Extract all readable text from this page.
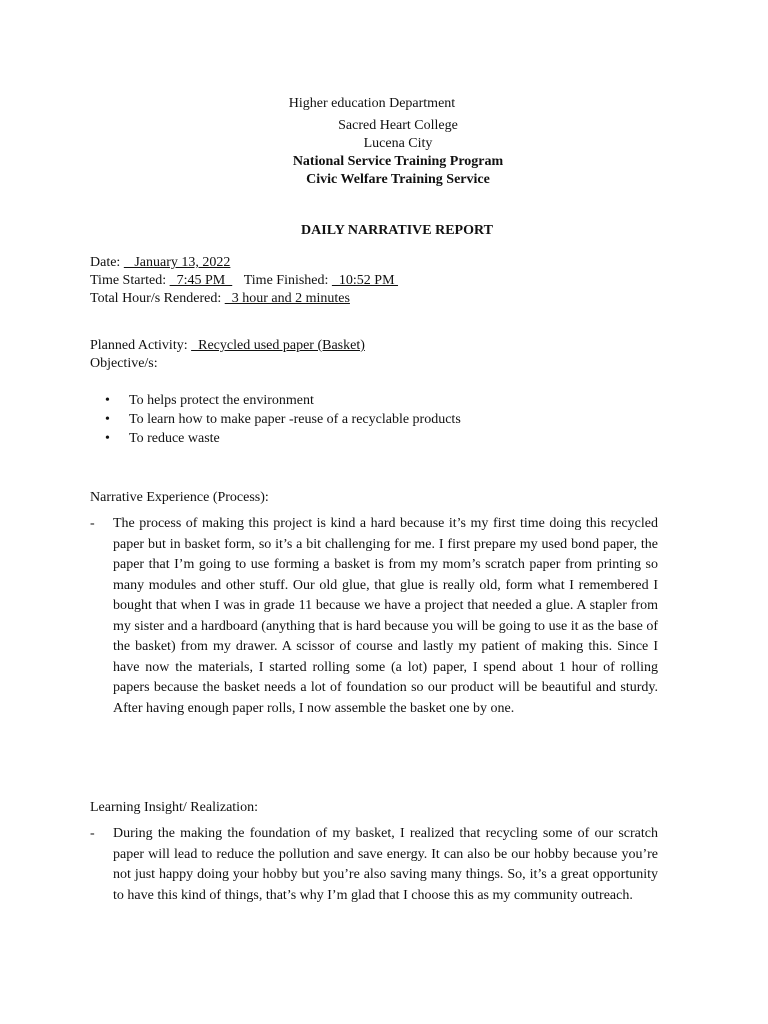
Higher education Department
Sacred Heart College
Lucena City
National Service Training Program
Civic Welfare Training Service
DAILY NARRATIVE REPORT
Date:    January 13, 2022
Time Started:   7:45 PM   Time Finished:   10:52 PM
Total Hour/s Rendered:   3 hour and 2 minutes
Planned Activity:   Recycled used paper (Basket)
Objective/s:
• To helps protect the environment
• To learn how to make paper -reuse of a recyclable products
• To reduce waste
Narrative Experience (Process):
- The process of making this project is kind a hard because it’s my first time doing this recycled paper but in basket form, so it’s a bit challenging for me. I first prepare my used bond paper, the paper that I’m going to use forming a basket is from my mom’s scratch paper from printing so many modules and other stuff. Our old glue, that glue is really old, form what I remembered I bought that when I was in grade 11 because we have a project that needed a glue. A stapler from my sister and a hardboard (anything that is hard because you will be going to use it as the base of the basket) from my drawer. A scissor of course and lastly my patient of making this. Since I have now the materials, I started rolling some (a lot) paper, I spend about 1 hour of rolling papers because the basket needs a lot of foundation so our product will be beautiful and sturdy. After having enough paper rolls, I now assemble the basket one by one.
Learning Insight/ Realization:
- During the making the foundation of my basket, I realized that recycling some of our scratch paper will lead to reduce the pollution and save energy. It can also be our hobby because you’re not just happy doing your hobby but you’re also saving many things. So, it’s a great opportunity to have this kind of things, that’s why I’m glad that I choose this as my community outreach.
